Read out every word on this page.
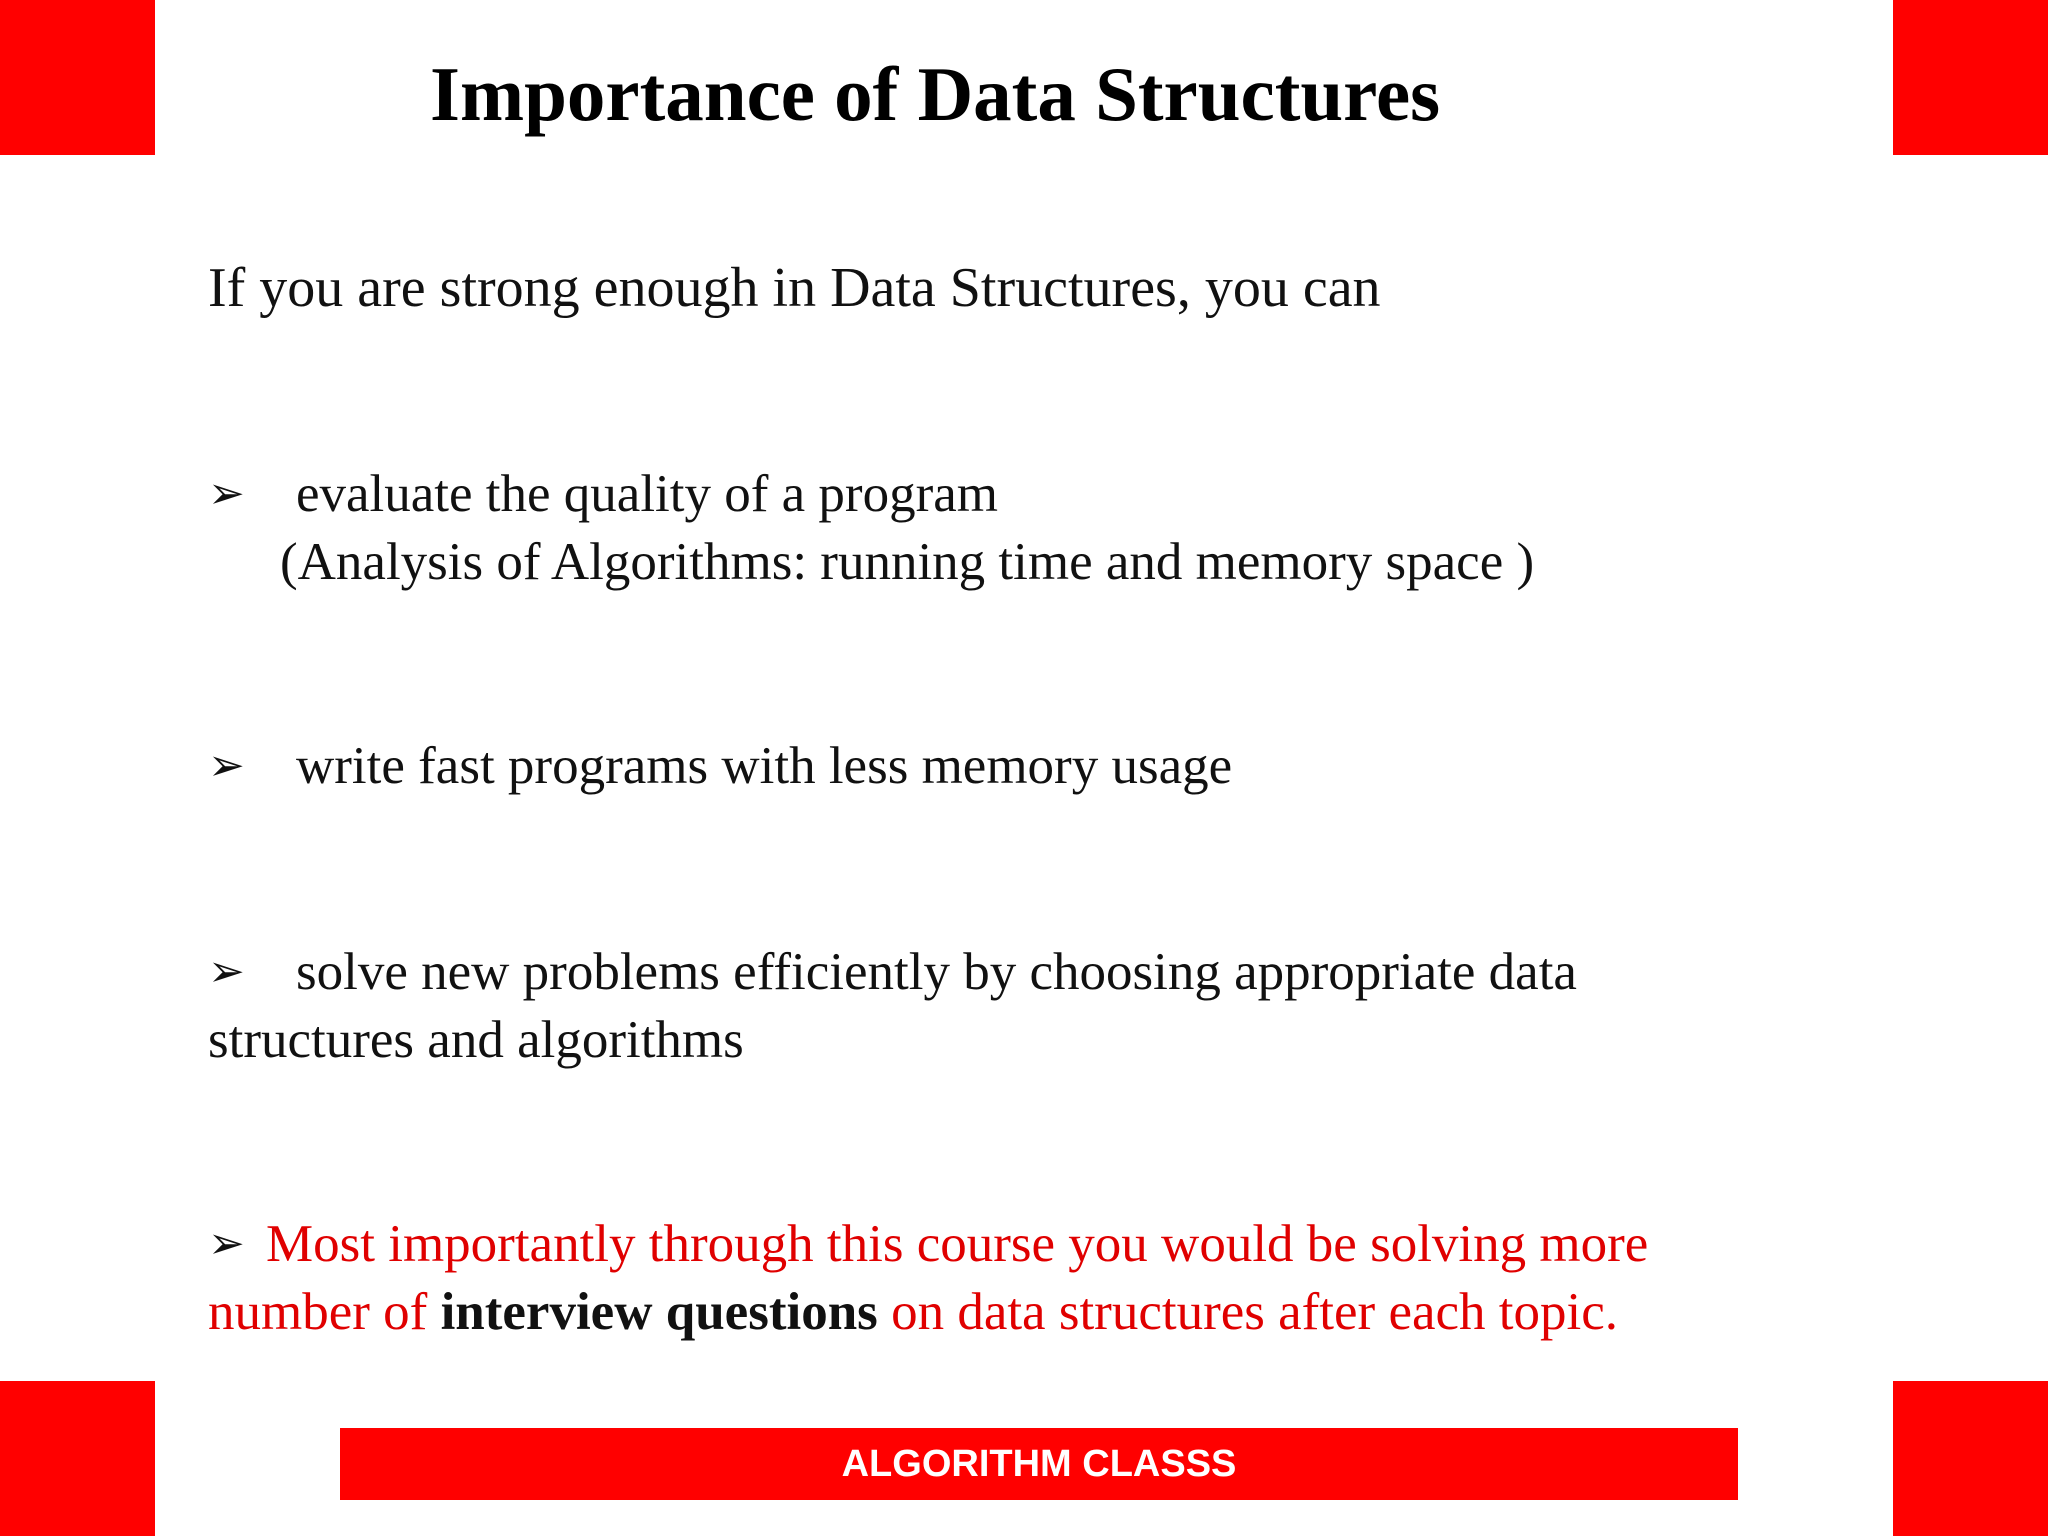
Importance of Data Structures
If you are strong enough in Data Structures, you can
➢ evaluate the quality of a program
(Analysis of Algorithms: running time and memory space )
➢ write fast programs with less memory usage
➢ solve new problems efficiently by choosing appropriate data
structures and algorithms
➢ Most importantly through this course you would be solving more
number of interview questions on data structures after each topic.
ALGORITHM CLASSS
